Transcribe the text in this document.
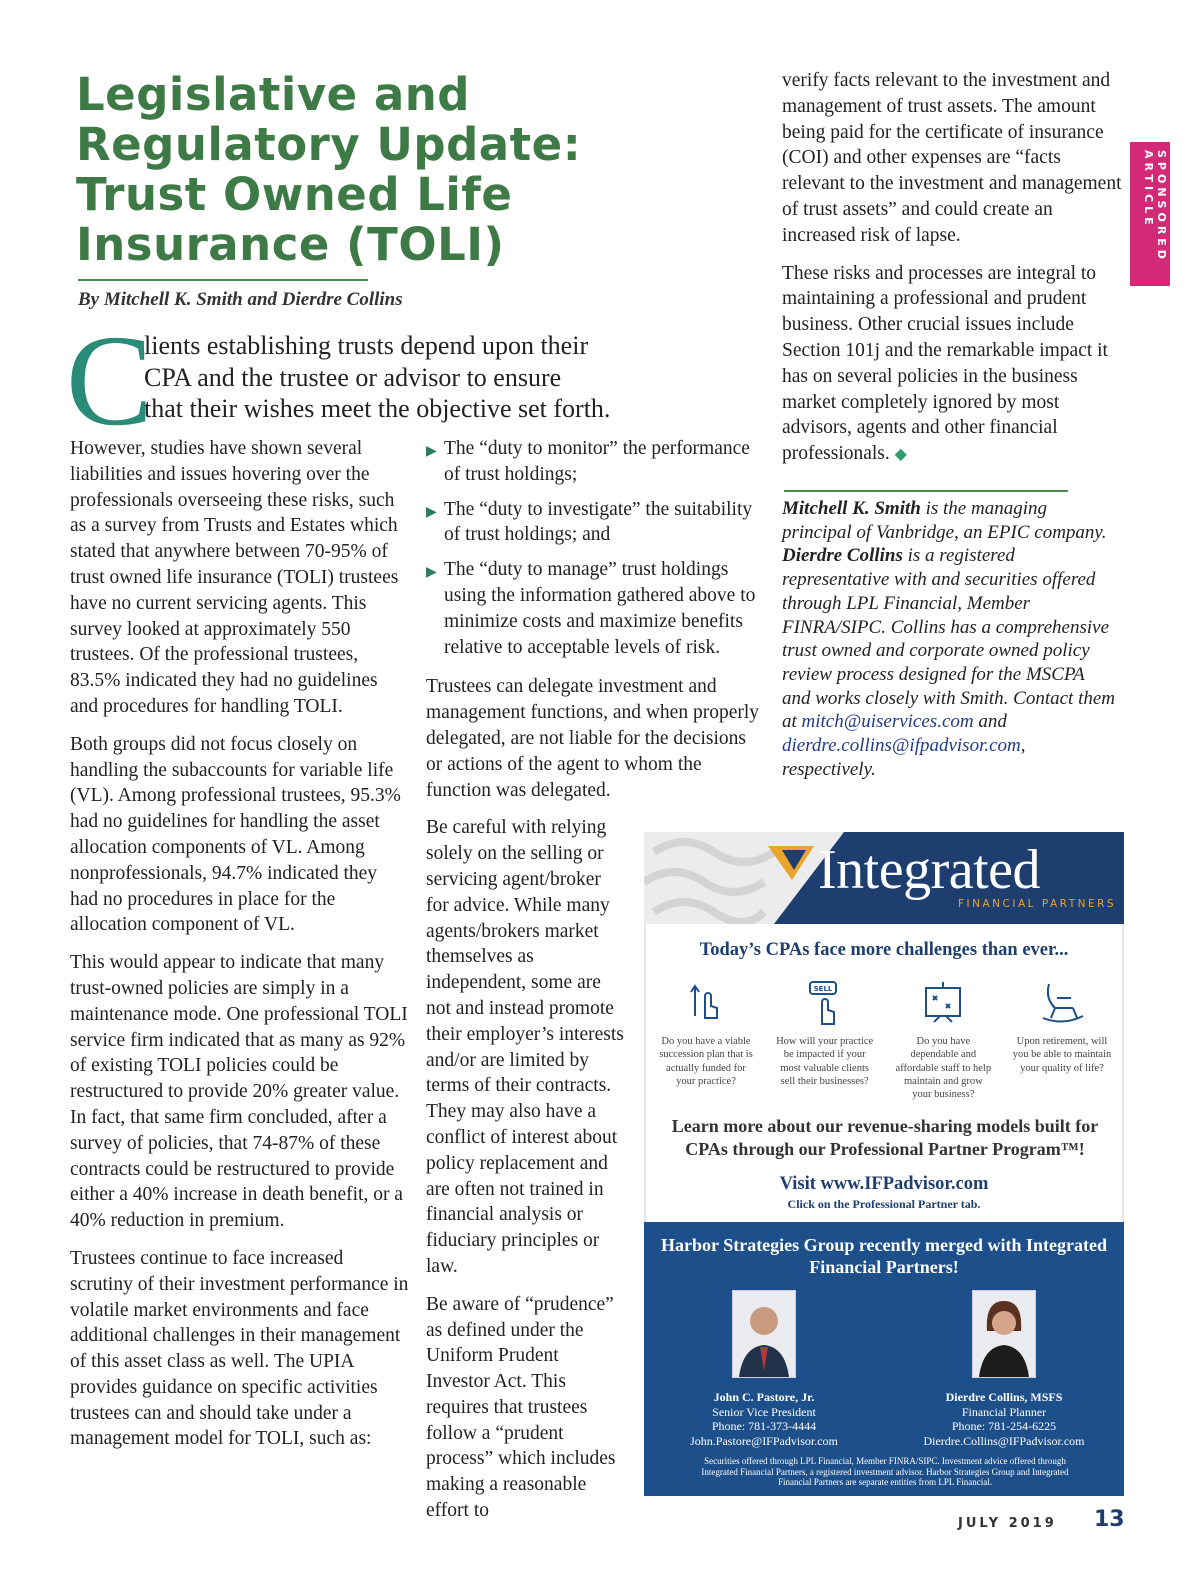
Legislative and
Regulatory Update:
Trust Owned Life
Insurance (TOLI)
By Mitchell K. Smith and Dierdre Collins
C
lients establishing trusts depend upon their
CPA and the trustee or advisor to ensure
that their wishes meet the objective set forth.

However, studies have shown several liabilities and issues hovering over the professionals overseeing these risks, such as a survey from Trusts and Estates which stated that anywhere between 70-95% of trust owned life insurance (TOLI) trustees have no current servicing agents. This survey looked at approximately 550 trustees. Of the professional trustees, 83.5% indicated they had no guidelines and procedures for handling TOLI.

Both groups did not focus closely on handling the subaccounts for variable life (VL). Among professional trustees, 95.3% had no guidelines for handling the asset allocation components of VL. Among nonprofessionals, 94.7% indicated they had no procedures in place for the allocation component of VL.

This would appear to indicate that many trust-owned policies are simply in a maintenance mode. One professional TOLI service firm indicated that as many as 92% of existing TOLI policies could be restructured to provide 20% greater value. In fact, that same firm concluded, after a survey of policies, that 74-87% of these contracts could be restructured to provide either a 40% increase in death benefit, or a 40% reduction in premium.

Trustees continue to face increased scrutiny of their investment performance in volatile market environments and face additional challenges in their management of this asset class as well. The UPIA provides guidance on specific activities trustees can and should take under a management model for TOLI, such as:

▶ The “duty to monitor” the performance of trust holdings;
▶ The “duty to investigate” the suitability of trust holdings; and
▶ The “duty to manage” trust holdings using the information gathered above to minimize costs and maximize benefits relative to acceptable levels of risk.

Trustees can delegate investment and management functions, and when properly delegated, are not liable for the decisions or actions of the agent to whom the function was delegated.

Be careful with relying solely on the selling or servicing agent/broker for advice. While many agents/brokers market themselves as independent, some are not and instead promote their employer’s interests and/or are limited by terms of their contracts. They may also have a conflict of interest about policy replacement and are often not trained in financial analysis or fiduciary principles or law.

Be aware of “prudence” as defined under the Uniform Prudent Investor Act. This requires that trustees follow a “prudent process” which includes making a reasonable effort to

verify facts relevant to the investment and management of trust assets. The amount being paid for the certificate of insurance (COI) and other expenses are “facts relevant to the investment and management of trust assets” and could create an increased risk of lapse.

These risks and processes are integral to maintaining a professional and prudent business. Other crucial issues include Section 101j and the remarkable impact it has on several policies in the business market completely ignored by most advisors, agents and other financial professionals. ◆

Mitchell K. Smith is the managing principal of Vanbridge, an EPIC company. Dierdre Collins is a registered representative with and securities offered through LPL Financial, Member FINRA/SIPC. Collins has a comprehensive trust owned and corporate owned policy review process designed for the MSCPA and works closely with Smith. Contact them at mitch@uiservices.com and dierdre.collins@ifpadvisor.com, respectively.
SPONSORED ARTICLE
Integrated
FINANCIAL PARTNERS
Today’s CPAs face more challenges than ever...
Do you have a viable succession plan that is actually funded for your practice?
SELL
How will your practice be impacted if your most valuable clients sell their businesses?
Do you have dependable and affordable staff to help maintain and grow your business?
Upon retirement, will you be able to maintain your quality of life?
Learn more about our revenue-sharing models built for CPAs through our Professional Partner Program™!
Visit www.IFPadvisor.com
Click on the Professional Partner tab.
Harbor Strategies Group recently merged with Integrated Financial Partners!
John C. Pastore, Jr.
Senior Vice President
Phone: 781-373-4444
John.Pastore@IFPadvisor.com
Dierdre Collins, MSFS
Financial Planner
Phone: 781-254-6225
Dierdre.Collins@IFPadvisor.com
Securities offered through LPL Financial, Member FINRA/SIPC. Investment advice offered through Integrated Financial Partners, a registered investment advisor. Harbor Strategies Group and Integrated Financial Partners are separate entities from LPL Financial.
JULY 2019 13
